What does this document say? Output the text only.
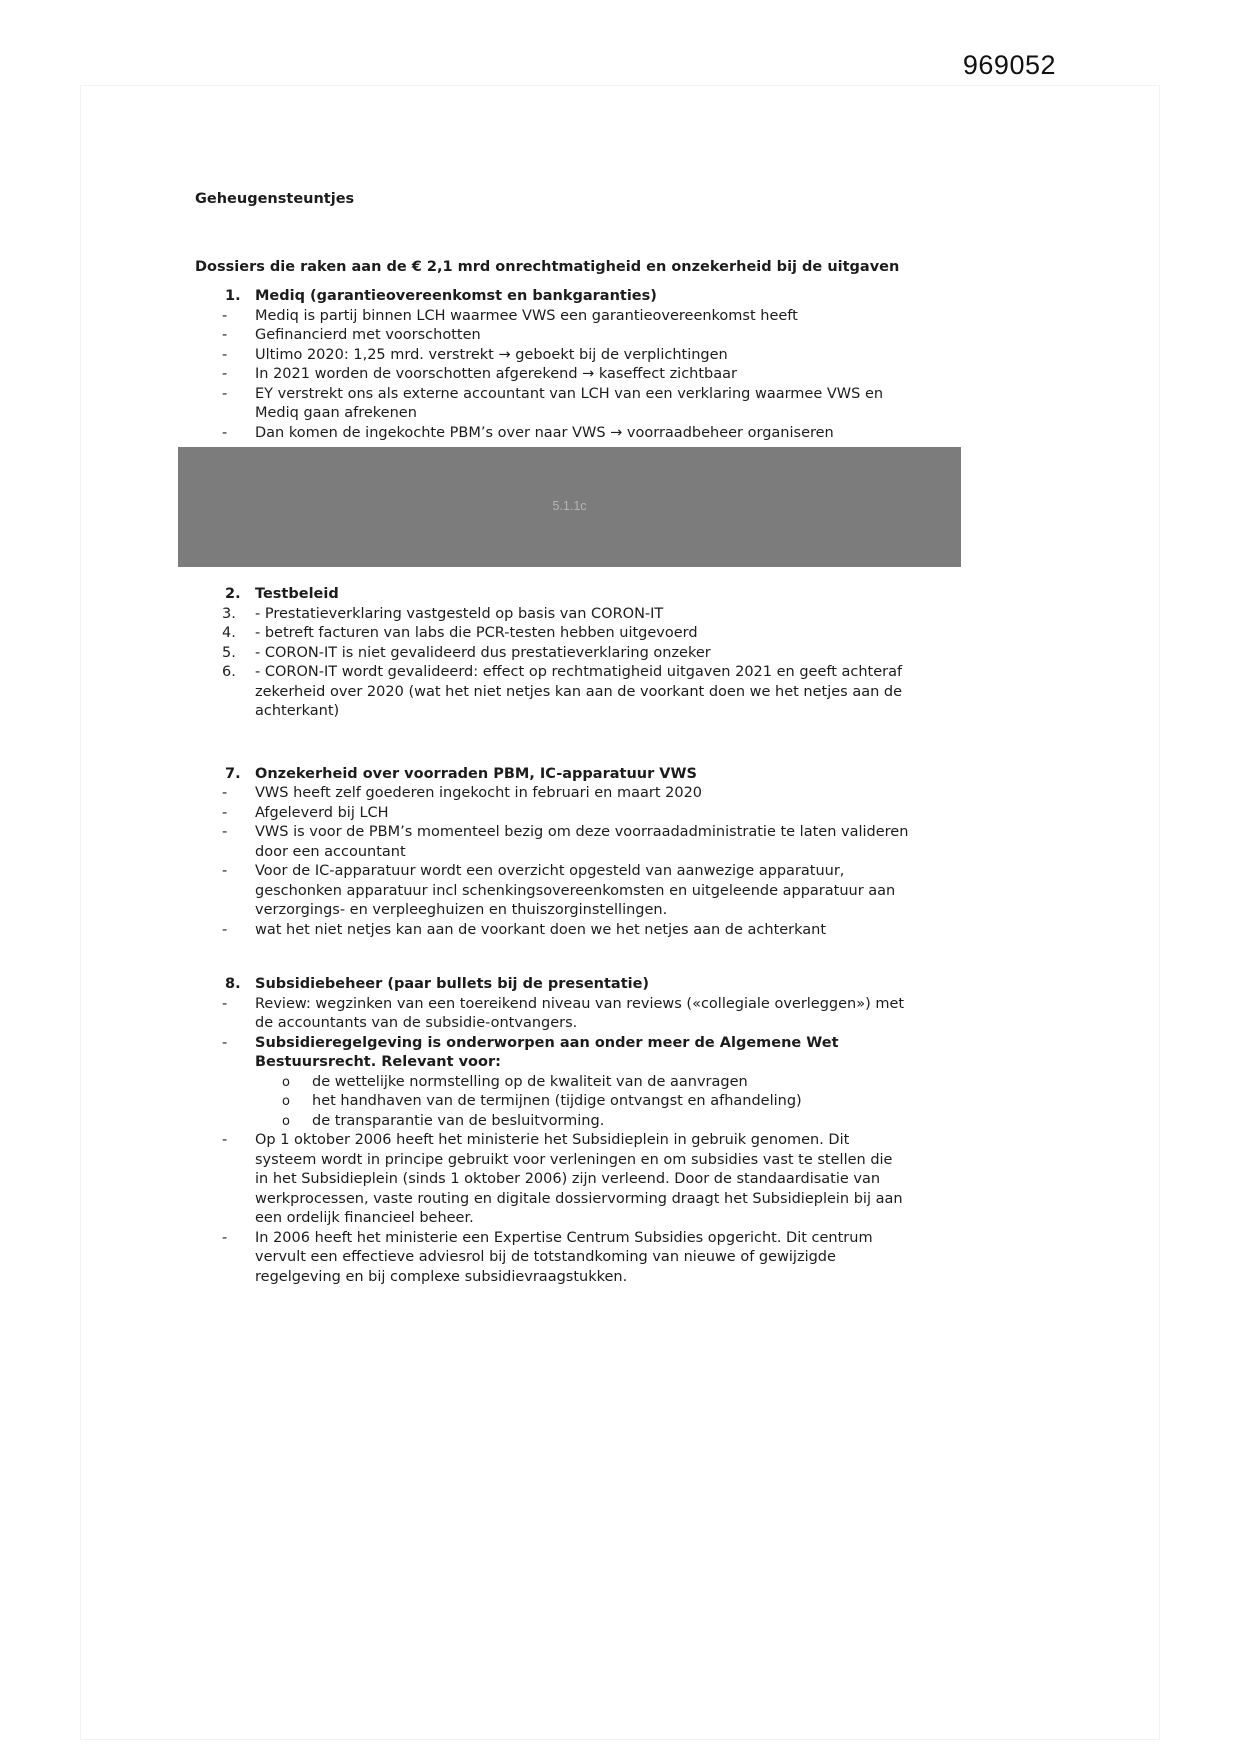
969052
Geheugensteuntjes
Dossiers die raken aan de € 2,1 mrd onrechtmatigheid en onzekerheid bij de uitgaven
1. Mediq (garantieovereenkomst en bankgaranties)
- Mediq is partij binnen LCH waarmee VWS een garantieovereenkomst heeft
- Gefinancierd met voorschotten
- Ultimo 2020: 1,25 mrd. verstrekt → geboekt bij de verplichtingen
- In 2021 worden de voorschotten afgerekend → kaseffect zichtbaar
- EY verstrekt ons als externe accountant van LCH van een verklaring waarmee VWS en Mediq gaan afrekenen
- Dan komen de ingekochte PBM’s over naar VWS → voorraadbeheer organiseren
5.1.1c
2. Testbeleid
3. - Prestatieverklaring vastgesteld op basis van CORON-IT
4. - betreft facturen van labs die PCR-testen hebben uitgevoerd
5. - CORON-IT is niet gevalideerd dus prestatieverklaring onzeker
6. - CORON-IT wordt gevalideerd: effect op rechtmatigheid uitgaven 2021 en geeft achteraf zekerheid over 2020 (wat het niet netjes kan aan de voorkant doen we het netjes aan de achterkant)
7. Onzekerheid over voorraden PBM, IC-apparatuur VWS
- VWS heeft zelf goederen ingekocht in februari en maart 2020
- Afgeleverd bij LCH
- VWS is voor de PBM’s momenteel bezig om deze voorraadadministratie te laten valideren door een accountant
- Voor de IC-apparatuur wordt een overzicht opgesteld van aanwezige apparatuur, geschonken apparatuur incl schenkingsovereenkomsten en uitgeleende apparatuur aan verzorgings- en verpleeghuizen en thuiszorginstellingen.
- wat het niet netjes kan aan de voorkant doen we het netjes aan de achterkant
8. Subsidiebeheer (paar bullets bij de presentatie)
- Review: wegzinken van een toereikend niveau van reviews («collegiale overleggen») met de accountants van de subsidie-ontvangers.
- Subsidieregelgeving is onderworpen aan onder meer de Algemene Wet Bestuursrecht. Relevant voor:
o de wettelijke normstelling op de kwaliteit van de aanvragen
o het handhaven van de termijnen (tijdige ontvangst en afhandeling)
o de transparantie van de besluitvorming.
- Op 1 oktober 2006 heeft het ministerie het Subsidieplein in gebruik genomen. Dit systeem wordt in principe gebruikt voor verleningen en om subsidies vast te stellen die in het Subsidieplein (sinds 1 oktober 2006) zijn verleend. Door de standaardisatie van werkprocessen, vaste routing en digitale dossiervorming draagt het Subsidieplein bij aan een ordelijk financieel beheer.
- In 2006 heeft het ministerie een Expertise Centrum Subsidies opgericht. Dit centrum vervult een effectieve adviesrol bij de totstandkoming van nieuwe of gewijzigde regelgeving en bij complexe subsidievraagstukken.
